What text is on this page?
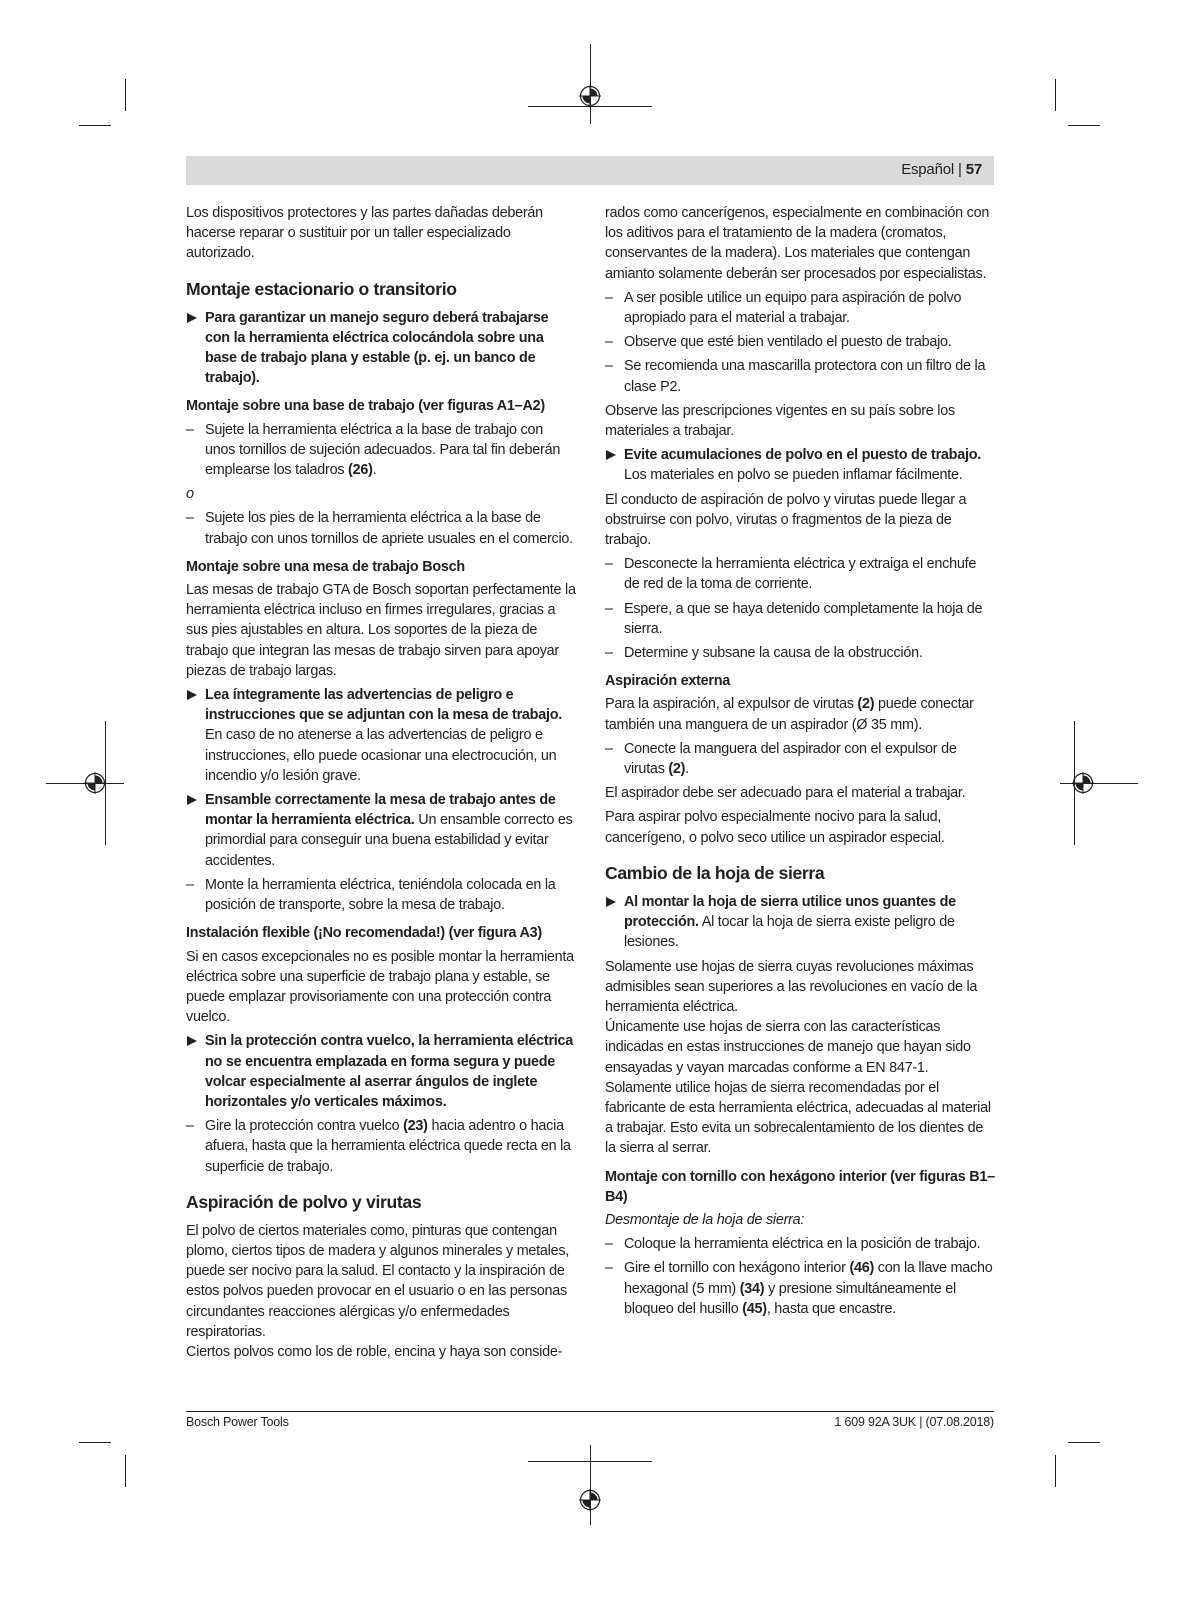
Español | 57

Los dispositivos protectores y las partes dañadas deberán hacerse reparar o sustituir por un taller especializado autorizado.

Montaje estacionario o transitorio
Para garantizar un manejo seguro deberá trabajarse con la herramienta eléctrica colocándola sobre una base de trabajo plana y estable (p. ej. un banco de trabajo).
Montaje sobre una base de trabajo (ver figuras A1–A2)
– Sujete la herramienta eléctrica a la base de trabajo con unos tornillos de sujeción adecuados. Para tal fin deberán emplearse los taladros (26).

o

– Sujete los pies de la herramienta eléctrica a la base de trabajo con unos tornillos de apriete usuales en el comercio.
Montaje sobre una mesa de trabajo Bosch

Las mesas de trabajo GTA de Bosch soportan perfectamente la herramienta eléctrica incluso en firmes irregulares, gracias a sus pies ajustables en altura. Los soportes de la pieza de trabajo que integran las mesas de trabajo sirven para apoyar piezas de trabajo largas.

Lea íntegramente las advertencias de peligro e instrucciones que se adjuntan con la mesa de trabajo. En caso de no atenerse a las advertencias de peligro e instrucciones, ello puede ocasionar una electrocución, un incendio y/o lesión grave.
Ensamble correctamente la mesa de trabajo antes de montar la herramienta eléctrica. Un ensamble correcto es primordial para conseguir una buena estabilidad y evitar accidentes.
– Monte la herramienta eléctrica, teniéndola colocada en la posición de transporte, sobre la mesa de trabajo.
Instalación flexible (¡No recomendada!) (ver figura A3)

Si en casos excepcionales no es posible montar la herramienta eléctrica sobre una superficie de trabajo plana y estable, se puede emplazar provisoriamente con una protección contra vuelco.

Sin la protección contra vuelco, la herramienta eléctrica no se encuentra emplazada en forma segura y puede volcar especialmente al aserrar ángulos de inglete horizontales y/o verticales máximos.
– Gire la protección contra vuelco (23) hacia adentro o hacia afuera, hasta que la herramienta eléctrica quede recta en la superficie de trabajo.
Aspiración de polvo y virutas

El polvo de ciertos materiales como, pinturas que contengan plomo, ciertos tipos de madera y algunos minerales y metales, puede ser nocivo para la salud. El contacto y la inspiración de estos polvos pueden provocar en el usuario o en las personas circundantes reacciones alérgicas y/o enfermedades respiratorias.

Ciertos polvos como los de roble, encina y haya son conside-

rados como cancerígenos, especialmente en combinación con los aditivos para el tratamiento de la madera (cromatos, conservantes de la madera). Los materiales que contengan amianto solamente deberán ser procesados por especialistas.

– A ser posible utilice un equipo para aspiración de polvo apropiado para el material a trabajar.
– Observe que esté bien ventilado el puesto de trabajo.
– Se recomienda una mascarilla protectora con un filtro de la clase P2.

Observe las prescripciones vigentes en su país sobre los materiales a trabajar.

Evite acumulaciones de polvo en el puesto de trabajo. Los materiales en polvo se pueden inflamar fácilmente.

El conducto de aspiración de polvo y virutas puede llegar a obstruirse con polvo, virutas o fragmentos de la pieza de trabajo.

– Desconecte la herramienta eléctrica y extraiga el enchufe de red de la toma de corriente.
– Espere, a que se haya detenido completamente la hoja de sierra.
– Determine y subsane la causa de la obstrucción.
Aspiración externa

Para la aspiración, al expulsor de virutas (2) puede conectar también una manguera de un aspirador (Ø 35 mm).

– Conecte la manguera del aspirador con el expulsor de virutas (2).

El aspirador debe ser adecuado para el material a trabajar.

Para aspirar polvo especialmente nocivo para la salud, cancerígeno, o polvo seco utilice un aspirador especial.

Cambio de la hoja de sierra
Al montar la hoja de sierra utilice unos guantes de protección. Al tocar la hoja de sierra existe peligro de lesiones.

Solamente use hojas de sierra cuyas revoluciones máximas admisibles sean superiores a las revoluciones en vacío de la herramienta eléctrica.

Únicamente use hojas de sierra con las características indicadas en estas instrucciones de manejo que hayan sido ensayadas y vayan marcadas conforme a EN 847-1.

Solamente utilice hojas de sierra recomendadas por el fabricante de esta herramienta eléctrica, adecuadas al material a trabajar. Esto evita un sobrecalentamiento de los dientes de la sierra al serrar.

Montaje con tornillo con hexágono interior (ver figuras B1–B4)

Desmontaje de la hoja de sierra:

– Coloque la herramienta eléctrica en la posición de trabajo.
– Gire el tornillo con hexágono interior (46) con la llave macho hexagonal (5 mm) (34) y presione simultáneamente el bloqueo del husillo (45), hasta que encastre.
Bosch Power Tools	1 609 92A 3UK | (07.08.2018)
